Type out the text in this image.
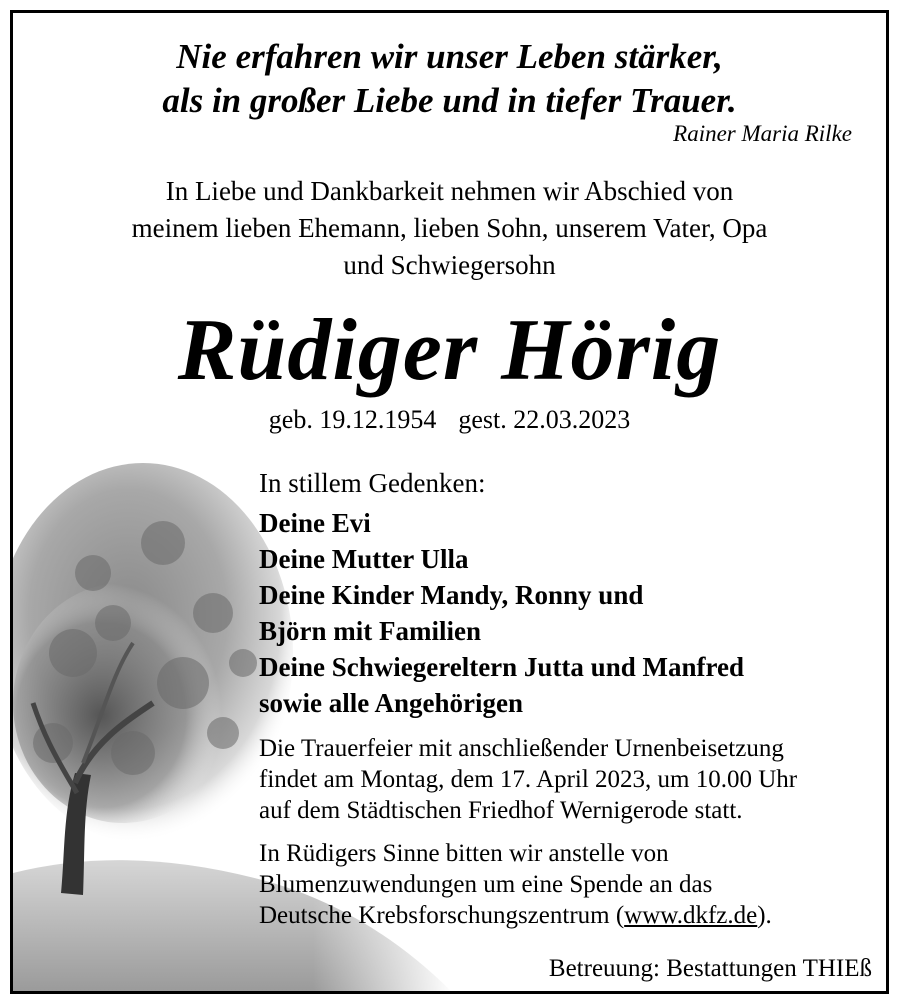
Nie erfahren wir unser Leben stärker,
als in großer Liebe und in tiefer Trauer.
Rainer Maria Rilke
In Liebe und Dankbarkeit nehmen wir Abschied von
meinem lieben Ehemann, lieben Sohn, unserem Vater, Opa
und Schwiegersohn
Rüdiger Hörig
geb. 19.12.1954 gest. 22.03.2023
In stillem Gedenken:
Deine Evi
Deine Mutter Ulla
Deine Kinder Mandy, Ronny und
Björn mit Familien
Deine Schwiegereltern Jutta und Manfred
sowie alle Angehörigen
Die Trauerfeier mit anschließender Urnenbeisetzung
findet am Montag, dem 17. April 2023, um 10.00 Uhr
auf dem Städtischen Friedhof Wernigerode statt.
In Rüdigers Sinne bitten wir anstelle von
Blumenzuwendungen um eine Spende an das
Deutsche Krebsforschungszentrum (www.dkfz.de).
Betreuung: Bestattungen THIEß
